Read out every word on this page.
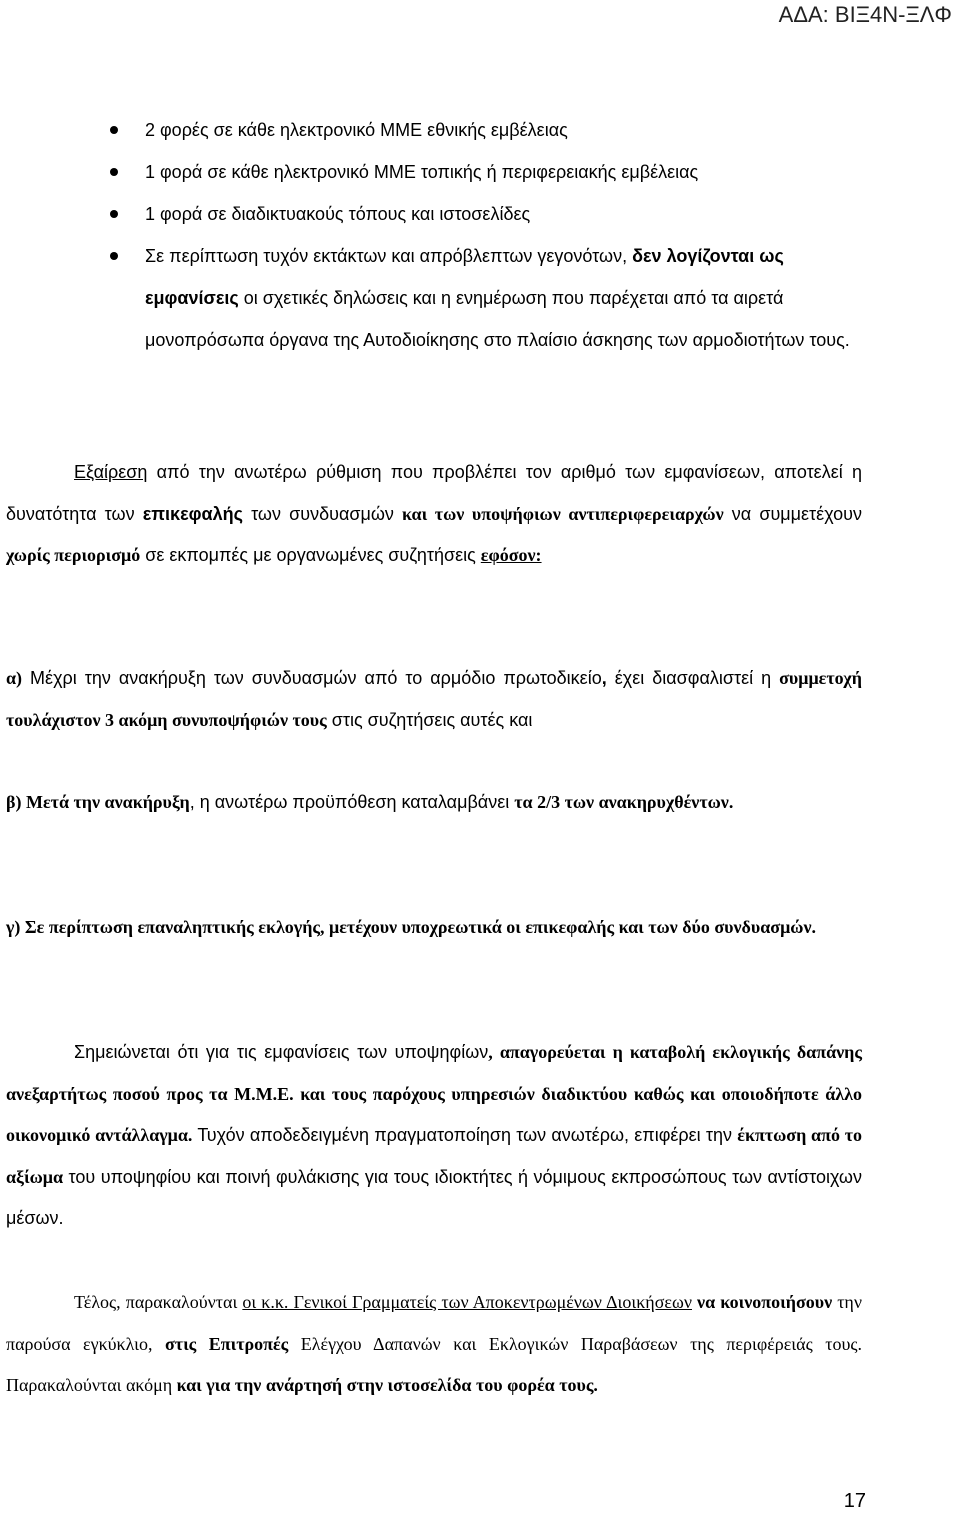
ΑΔΑ: ΒΙΞ4Ν-ΞΛΦ
2 φορές σε κάθε ηλεκτρονικό ΜΜΕ εθνικής εμβέλειας
1 φορά σε κάθε ηλεκτρονικό ΜΜΕ τοπικής ή περιφερειακής εμβέλειας
1 φορά σε διαδικτυακούς τόπους και ιστοσελίδες
Σε περίπτωση τυχόν εκτάκτων και απρόβλεπτων γεγονότων, δεν λογίζονται ως εμφανίσεις οι σχετικές δηλώσεις και η ενημέρωση που παρέχεται από τα αιρετά μονοπρόσωπα όργανα της Αυτοδιοίκησης στο πλαίσιο άσκησης των αρμοδιοτήτων τους.

Εξαίρεση από την ανωτέρω ρύθμιση που προβλέπει τον αριθμό των εμφανίσεων, αποτελεί η δυνατότητα των επικεφαλής των συνδυασμών και των υποψήφιων αντιπεριφερειαρχών να συμμετέχουν χωρίς περιορισμό σε εκπομπές με οργανωμένες συζητήσεις εφόσον:

α) Μέχρι την ανακήρυξη των συνδυασμών από το αρμόδιο πρωτοδικείο, έχει διασφαλιστεί η συμμετοχή τουλάχιστον 3 ακόμη συνυποψήφιών τους στις συζητήσεις αυτές και

β) Μετά την ανακήρυξη, η ανωτέρω προϋπόθεση καταλαμβάνει τα 2/3 των ανακηρυχθέντων.

γ) Σε περίπτωση επαναληπτικής εκλογής, μετέχουν υποχρεωτικά οι επικεφαλής και των δύο συνδυασμών.

Σημειώνεται ότι για τις εμφανίσεις των υποψηφίων, απαγορεύεται η καταβολή εκλογικής δαπάνης ανεξαρτήτως ποσού προς τα Μ.Μ.Ε. και τους παρόχους υπηρεσιών διαδικτύου καθώς και οποιοδήποτε άλλο οικονομικό αντάλλαγμα. Τυχόν αποδεδειγμένη πραγματοποίηση των ανωτέρω, επιφέρει την έκπτωση από το αξίωμα του υποψηφίου και ποινή φυλάκισης για τους ιδιοκτήτες ή νόμιμους εκπροσώπους των αντίστοιχων μέσων.

Τέλος, παρακαλούνται οι κ.κ. Γενικοί Γραμματείς των Αποκεντρωμένων Διοικήσεων να κοινοποιήσουν την παρούσα εγκύκλιο, στις Επιτροπές Ελέγχου Δαπανών και Εκλογικών Παραβάσεων της περιφέρειάς τους. Παρακαλούνται ακόμη και για την ανάρτησή στην ιστοσελίδα του φορέα τους.

17
